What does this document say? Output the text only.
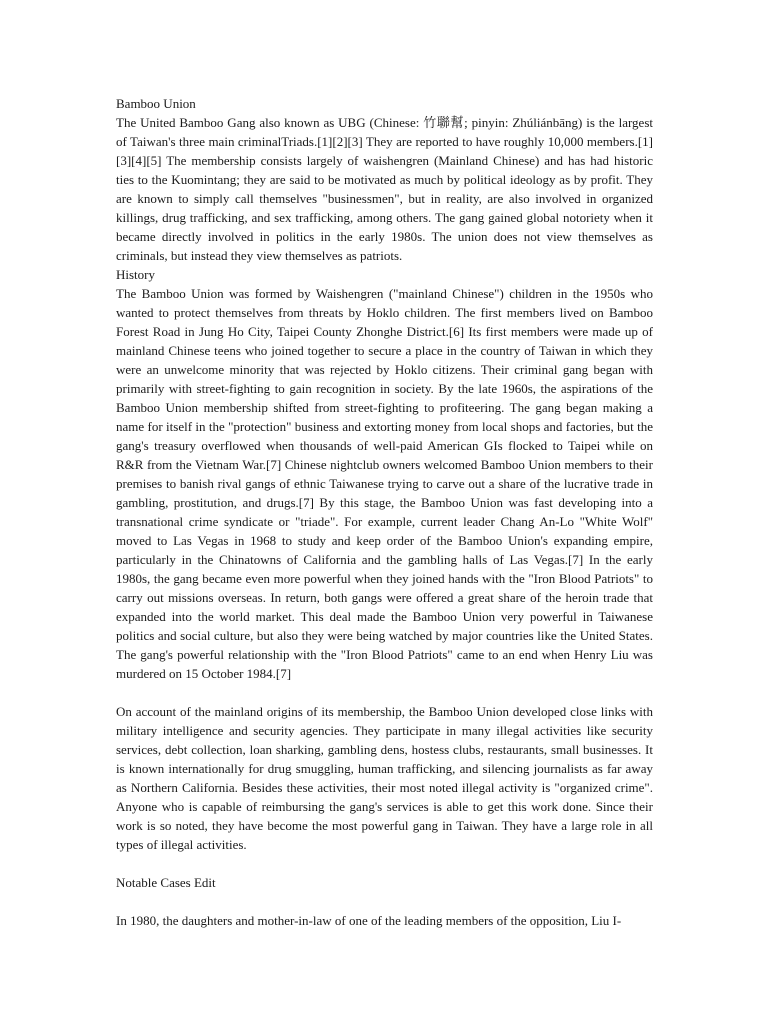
Bamboo Union

The United Bamboo Gang also known as UBG (Chinese: 竹聯幫; pinyin: Zhúliánbāng) is the largest of Taiwan's three main criminalTriads.[1][2][3] They are reported to have roughly 10,000 members.[1][3][4][5] The membership consists largely of waishengren (Mainland Chinese) and has had historic ties to the Kuomintang; they are said to be motivated as much by political ideology as by profit. They are known to simply call themselves "businessmen", but in reality, are also involved in organized killings, drug trafficking, and sex trafficking, among others. The gang gained global notoriety when it became directly involved in politics in the early 1980s. The union does not view themselves as criminals, but instead they view themselves as patriots.

History

The Bamboo Union was formed by Waishengren ("mainland Chinese") children in the 1950s who wanted to protect themselves from threats by Hoklo children. The first members lived on Bamboo Forest Road in Jung Ho City, Taipei County Zhonghe District.[6] Its first members were made up of mainland Chinese teens who joined together to secure a place in the country of Taiwan in which they were an unwelcome minority that was rejected by Hoklo citizens. Their criminal gang began with primarily with street-fighting to gain recognition in society. By the late 1960s, the aspirations of the Bamboo Union membership shifted from street-fighting to profiteering. The gang began making a name for itself in the "protection" business and extorting money from local shops and factories, but the gang's treasury overflowed when thousands of well-paid American GIs flocked to Taipei while on R&R from the Vietnam War.[7] Chinese nightclub owners welcomed Bamboo Union members to their premises to banish rival gangs of ethnic Taiwanese trying to carve out a share of the lucrative trade in gambling, prostitution, and drugs.[7] By this stage, the Bamboo Union was fast developing into a transnational crime syndicate or "triade". For example, current leader Chang An-Lo "White Wolf" moved to Las Vegas in 1968 to study and keep order of the Bamboo Union's expanding empire, particularly in the Chinatowns of California and the gambling halls of Las Vegas.[7] In the early 1980s, the gang became even more powerful when they joined hands with the "Iron Blood Patriots" to carry out missions overseas. In return, both gangs were offered a great share of the heroin trade that expanded into the world market. This deal made the Bamboo Union very powerful in Taiwanese politics and social culture, but also they were being watched by major countries like the United States. The gang's powerful relationship with the "Iron Blood Patriots" came to an end when Henry Liu was murdered on 15 October 1984.[7]

On account of the mainland origins of its membership, the Bamboo Union developed close links with military intelligence and security agencies. They participate in many illegal activities like security services, debt collection, loan sharking, gambling dens, hostess clubs, restaurants, small businesses. It is known internationally for drug smuggling, human trafficking, and silencing journalists as far away as Northern California. Besides these activities, their most noted illegal activity is "organized crime". Anyone who is capable of reimbursing the gang's services is able to get this work done. Since their work is so noted, they have become the most powerful gang in Taiwan. They have a large role in all types of illegal activities.

Notable Cases Edit

In 1980, the daughters and mother-in-law of one of the leading members of the opposition, Liu I-
